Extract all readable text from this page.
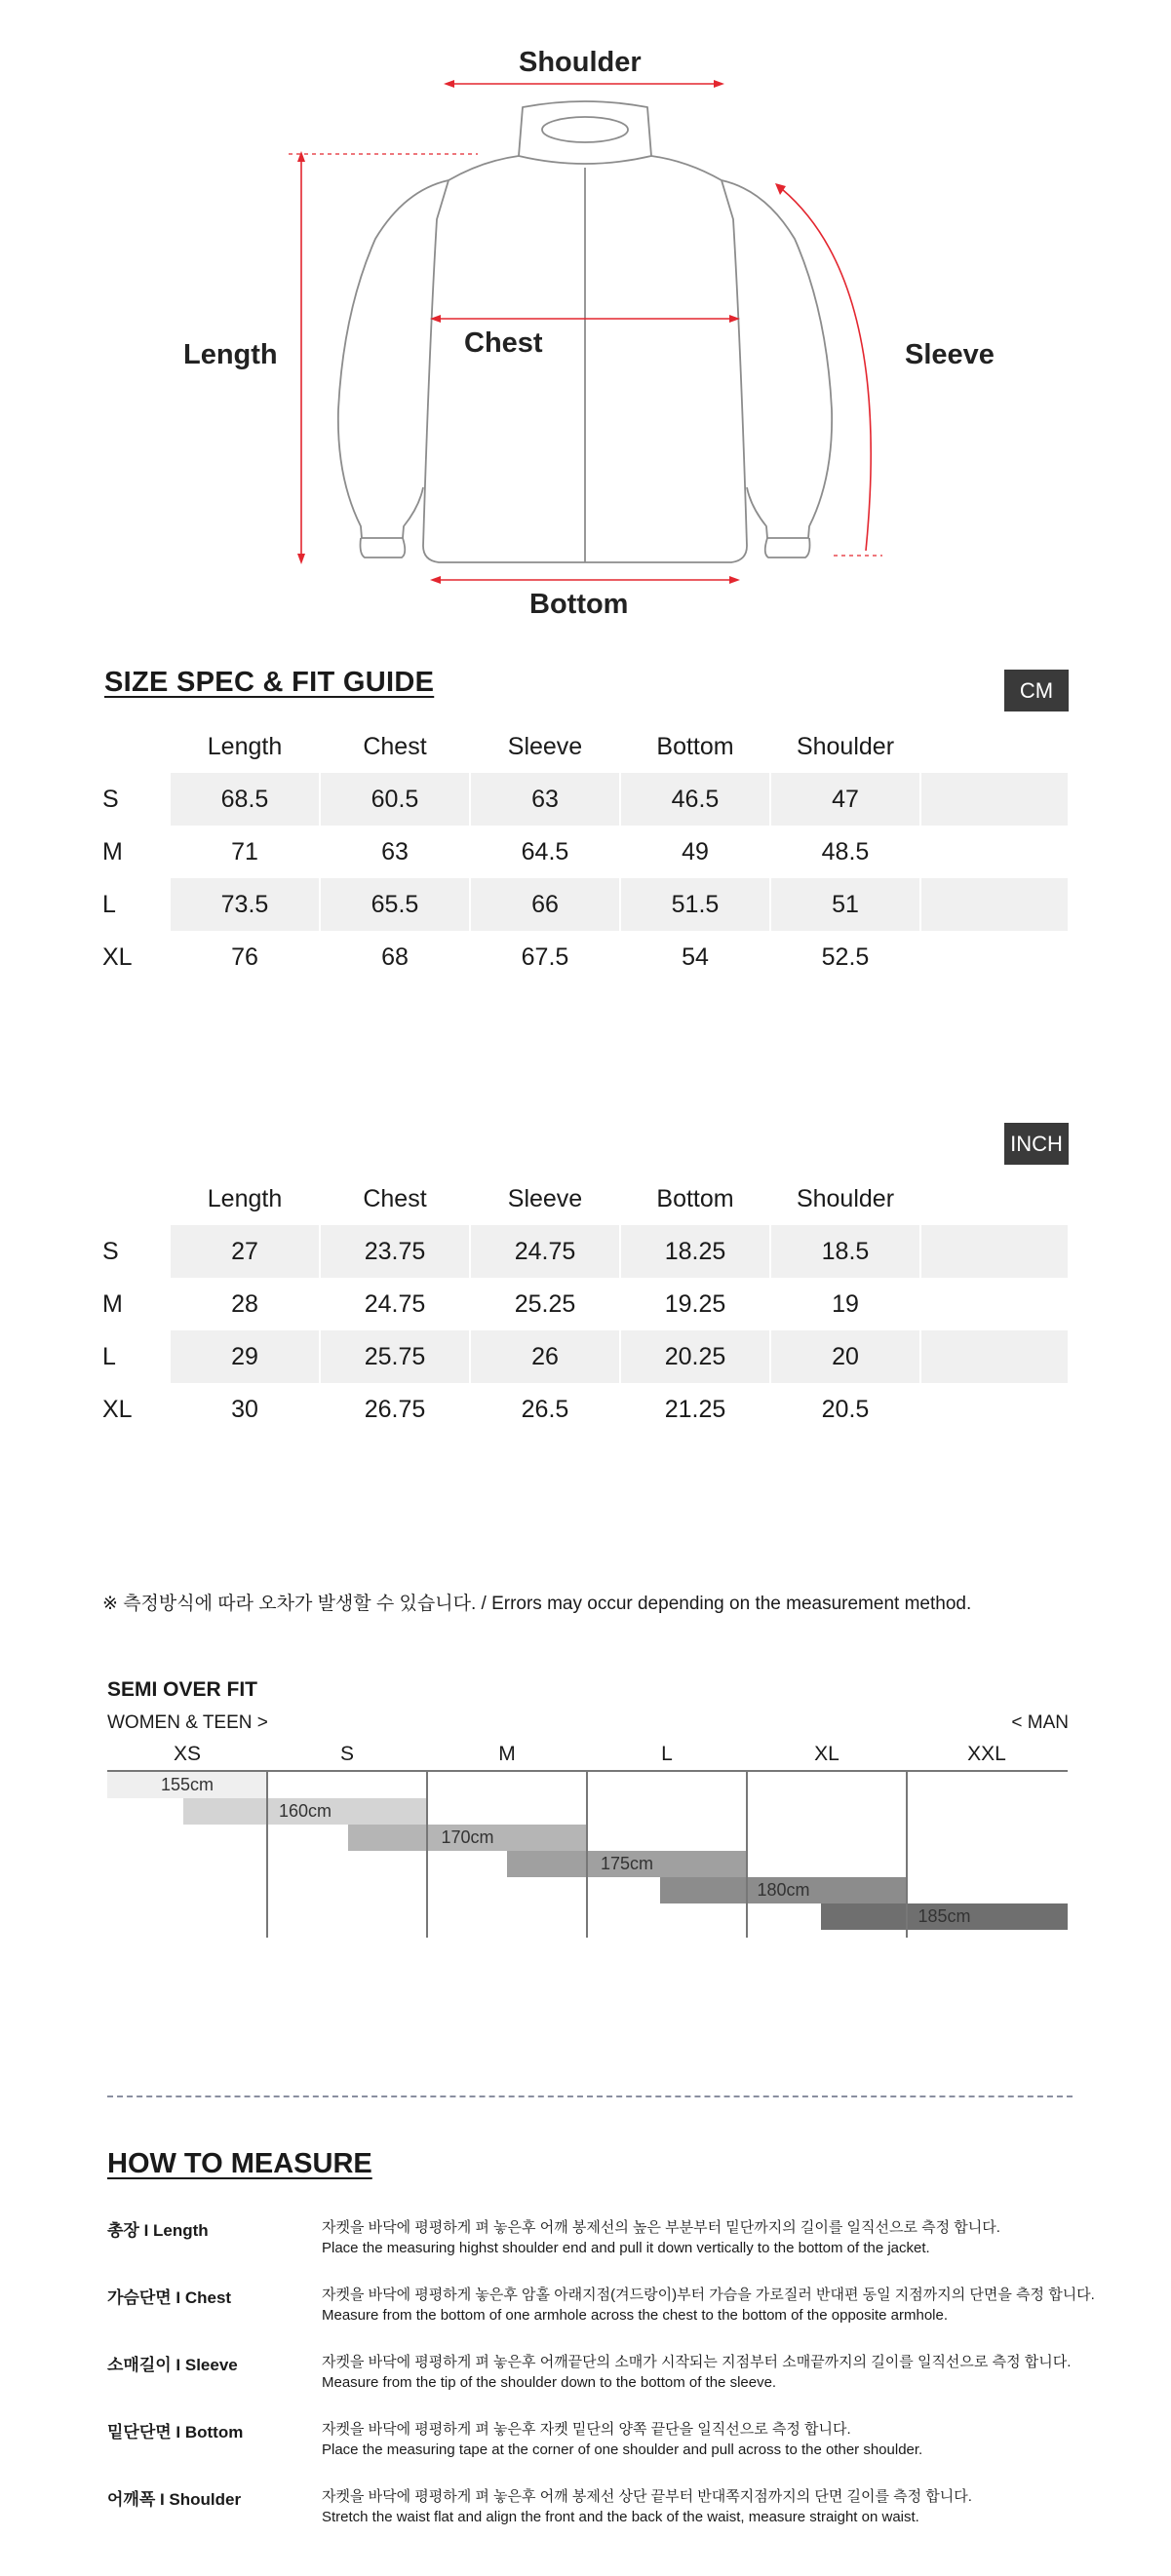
Shoulder
Length	Chest	Sleeve
Bottom
SIZE SPEC & FIT GUIDE	CM
Length	Chest	Sleeve	Bottom	Shoulder
S	68.5	60.5	63	46.5	47
M	71	63	64.5	49	48.5
L	73.5	65.5	66	51.5	51
XL	76	68	67.5	54	52.5
INCH
Length	Chest	Sleeve	Bottom	Shoulder
S	27	23.75	24.75	18.25	18.5
M	28	24.75	25.25	19.25	19
L	29	25.75	26	20.25	20
XL	30	26.75	26.5	21.25	20.5
※ 측정방식에 따라 오차가 발생할 수 있습니다. / Errors may occur depending on the measurement method.
SEMI OVER FIT
WOMEN & TEEN >	< MAN
XS	S	M	L	XL	XXL
155cm
160cm
170cm
175cm
180cm
185cm
HOW TO MEASURE
총장 I Length	자켓을 바닥에 평평하게 펴 놓은후 어깨 봉제선의 높은 부분부터 밑단까지의 길이를 일직선으로 측정 합니다.
Place the measuring highst shoulder end and pull it down vertically to the bottom of the jacket.
가슴단면 I Chest	자켓을 바닥에 평평하게 놓은후 암홀 아래지점(겨드랑이)부터 가슴을 가로질러 반대편 동일 지점까지의 단면을 측정 합니다.
Measure from the bottom of one armhole across the chest to the bottom of the opposite armhole.
소매길이 I Sleeve	자켓을 바닥에 평평하게 펴 놓은후 어깨끝단의 소매가 시작되는 지점부터 소매끝까지의 길이를 일직선으로 측정 합니다.
Measure from the tip of the shoulder down to the bottom of the sleeve.
밑단단면 I Bottom	자켓을 바닥에 평평하게 펴 놓은후 자켓 밑단의 양쪽 끝단을 일직선으로 측정 합니다.
Place the measuring tape at the corner of one shoulder and pull across to the other shoulder.
어깨폭 I Shoulder	자켓을 바닥에 평평하게 펴 놓은후 어깨 봉제선 상단 끝부터 반대쪽지점까지의 단면 길이를 측정 합니다.
Stretch the waist flat and align the front and the back of the waist, measure straight on waist.
